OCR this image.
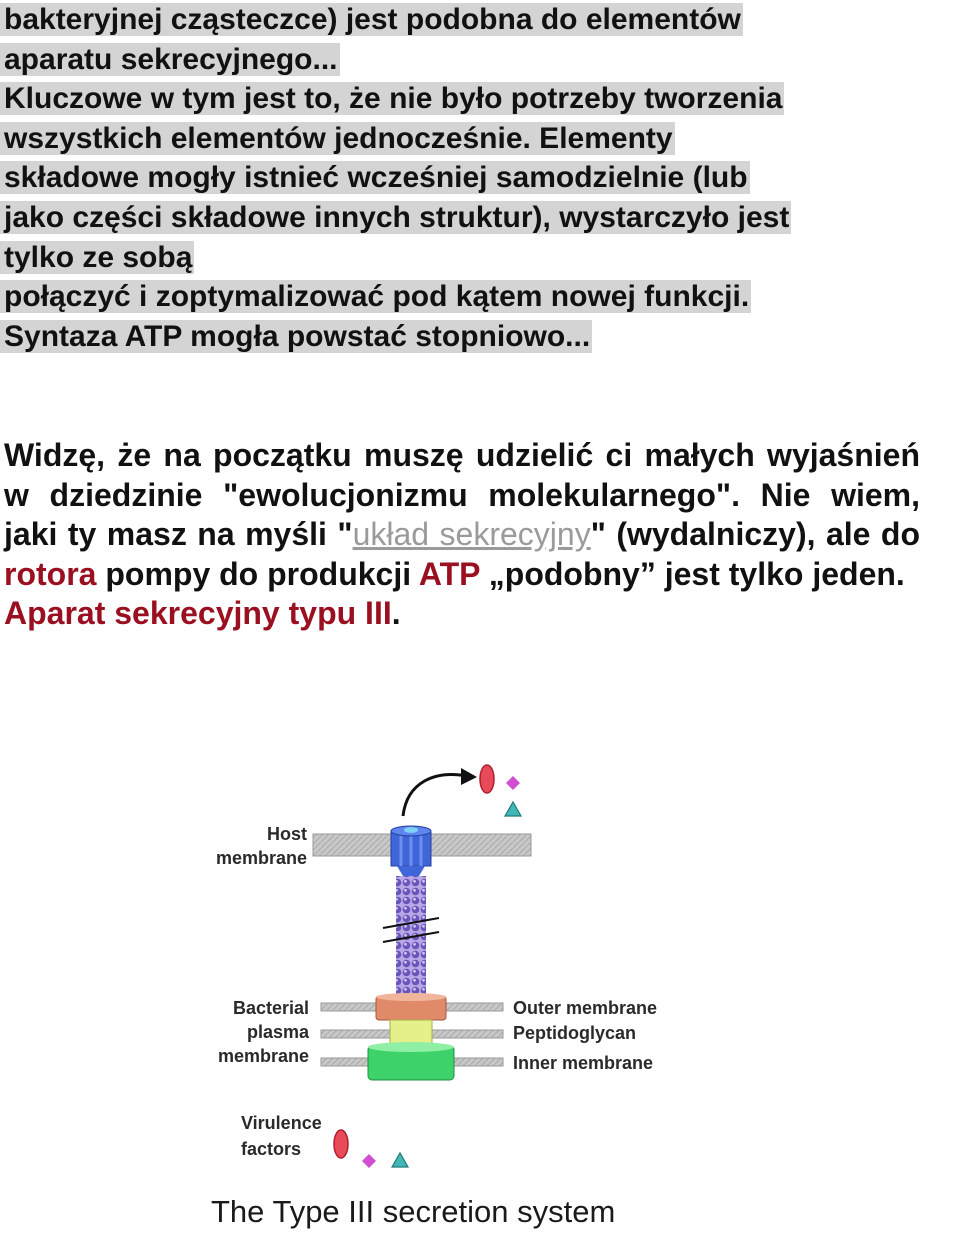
bakteryjnej cząsteczce) jest podobna do elementów
aparatu sekrecyjnego...
Kluczowe w tym jest to, że nie było potrzeby tworzenia
wszystkich elementów jednocześnie. Elementy
składowe mogły istnieć wcześniej samodzielnie (lub
jako części składowe innych struktur), wystarczyło jest
tylko ze sobą
połączyć i zoptymalizować pod kątem nowej funkcji.
Syntaza ATP mogła powstać stopniowo...
Widzę, że na początku muszę udzielić ci małych wyjaśnień w dziedzinie "ewolucjonizmu molekularnego". Nie wiem, jaki ty masz na myśli "układ sekrecyjny" (wydalniczy), ale do rotora pompy do produkcji ATP „podobny” jest tylko jeden.
Aparat sekrecyjny typu III.
Host
membrane
Bacterial
plasma
membrane
Outer membrane
Peptidoglycan
Inner membrane
Virulence
factors
The Type III secretion system
